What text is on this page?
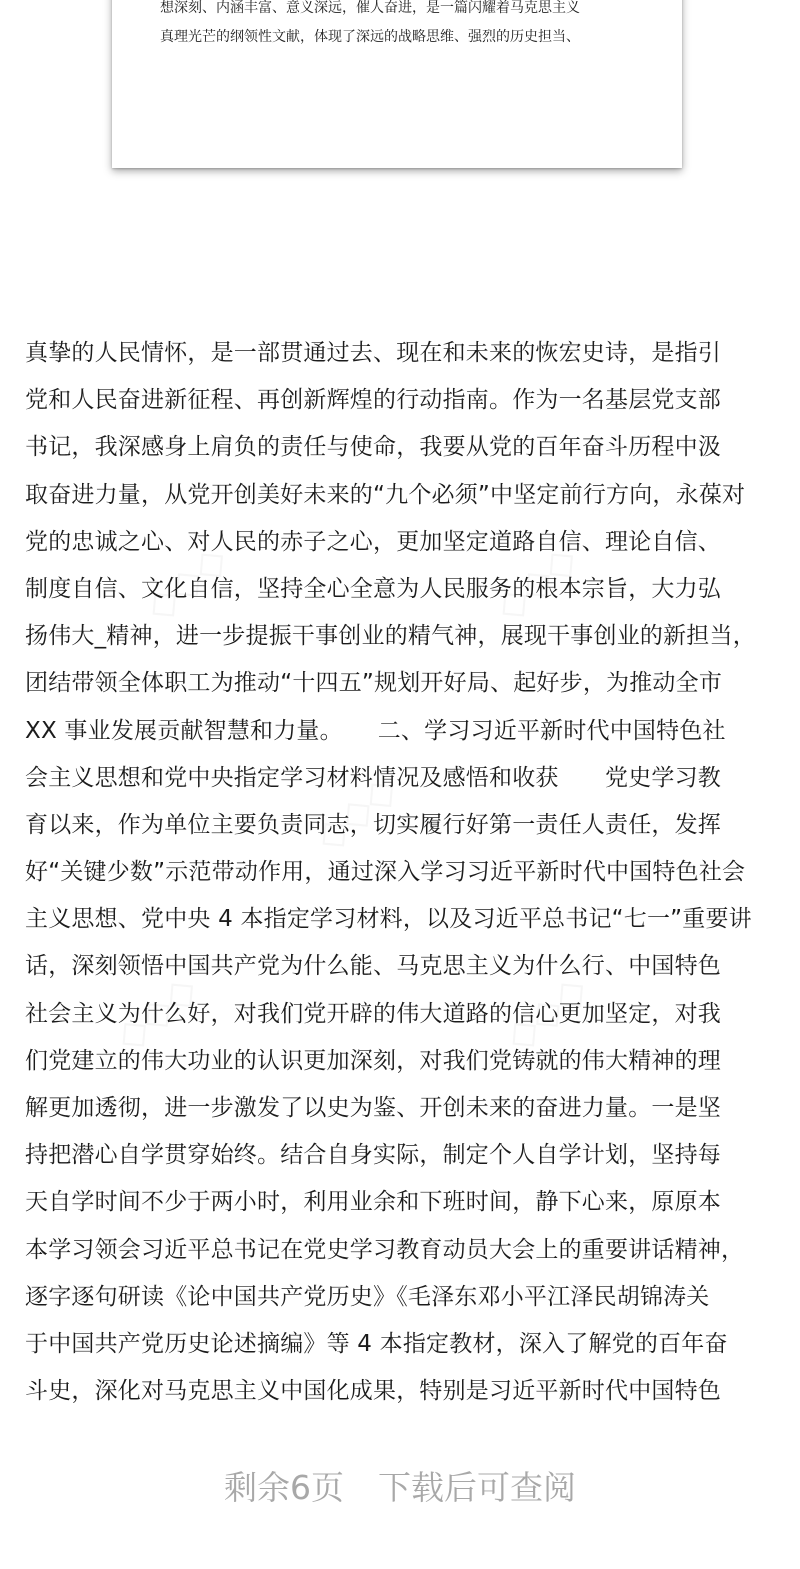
想深刻、内涵丰富、意义深远，催人奋进，是一篇闪耀着马克思主义
真理光芒的纲领性文献，体现了深远的战略思维、强烈的历史担当、
真挚的人民情怀，是一部贯通过去、现在和未来的恢宏史诗，是指引
党和人民奋进新征程、再创新辉煌的行动指南。作为一名基层党支部
书记，我深感身上肩负的责任与使命，我要从党的百年奋斗历程中汲
取奋进力量，从党开创美好未来的“九个必须”中坚定前行方向，永葆对
党的忠诚之心、对人民的赤子之心，更加坚定道路自信、理论自信、
制度自信、文化自信，坚持全心全意为人民服务的根本宗旨，大力弘
扬伟大_精神，进一步提振干事创业的精气神，展现干事创业的新担当，
团结带领全体职工为推动“十四五”规划开好局、起好步，为推动全市
XX 事业发展贡献智慧和力量。　　二、学习习近平新时代中国特色社
会主义思想和党中央指定学习材料情况及感悟和收获　　党史学习教
育以来，作为单位主要负责同志，切实履行好第一责任人责任，发挥
好“关键少数”示范带动作用，通过深入学习习近平新时代中国特色社会
主义思想、党中央 4 本指定学习材料，以及习近平总书记“七一”重要讲
话，深刻领悟中国共产党为什么能、马克思主义为什么行、中国特色
社会主义为什么好，对我们党开辟的伟大道路的信心更加坚定，对我
们党建立的伟大功业的认识更加深刻，对我们党铸就的伟大精神的理
解更加透彻，进一步激发了以史为鉴、开创未来的奋进力量。一是坚
持把潜心自学贯穿始终。结合自身实际，制定个人自学计划，坚持每
天自学时间不少于两小时，利用业余和下班时间，静下心来，原原本
本学习领会习近平总书记在党史学习教育动员大会上的重要讲话精神，
逐字逐句研读《论中国共产党历史》《毛泽东邓小平江泽民胡锦涛关
于中国共产党历史论述摘编》等 4 本指定教材，深入了解党的百年奋
斗史，深化对马克思主义中国化成果，特别是习近平新时代中国特色
剩余6页 下载后可查阅
